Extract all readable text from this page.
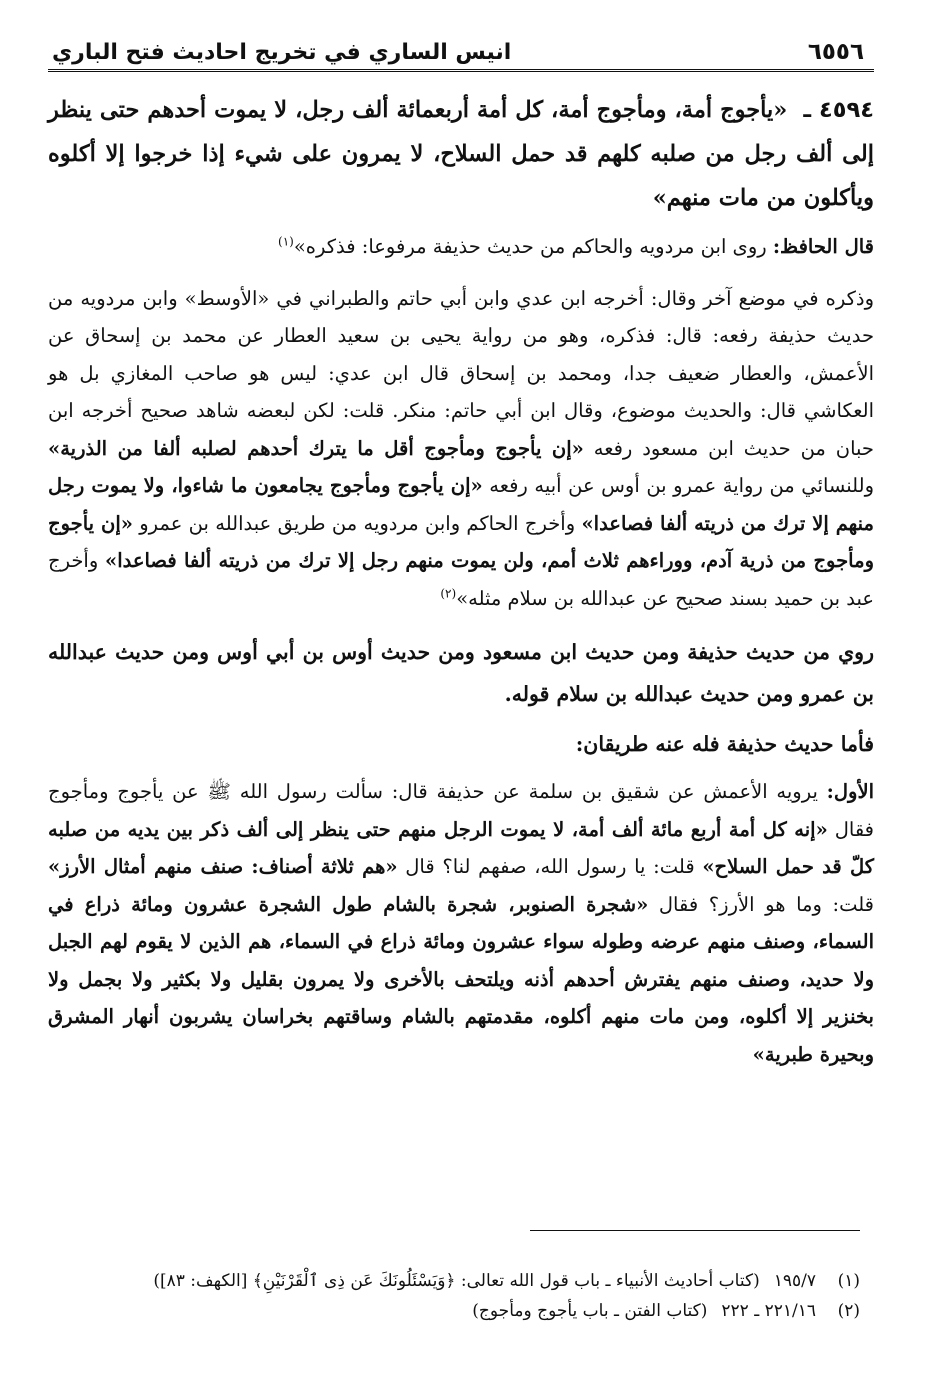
٦٥٥٦
انيس الساري في تخريج احاديث فتح الباري
٤٥٩٤ ـ «يأجوج أمة، ومأجوج أمة، كل أمة أربعمائة ألف رجل، لا يموت أحدهم حتى ينظر إلى ألف رجل من صلبه كلهم قد حمل السلاح، لا يمرون على شيء إذا خرجوا إلا أكلوه ويأكلون من مات منهم»

قال الحافظ: روى ابن مردويه والحاكم من حديث حذيفة مرفوعا: فذكره»$^{(١)}$

وذكره في موضع آخر وقال: أخرجه ابن عدي وابن أبي حاتم والطبراني في «الأوسط» وابن مردويه من حديث حذيفة رفعه: قال: فذكره، وهو من رواية يحيى بن سعيد العطار عن محمد بن إسحاق عن الأعمش، والعطار ضعيف جدا، ومحمد بن إسحاق قال ابن عدي: ليس هو صاحب المغازي بل هو العكاشي قال: والحديث موضوع، وقال ابن أبي حاتم: منكر. قلت: لكن لبعضه شاهد صحيح أخرجه ابن حبان من حديث ابن مسعود رفعه «إن يأجوج ومأجوج أقل ما يترك أحدهم لصلبه ألفا من الذرية» وللنسائي من رواية عمرو بن أوس عن أبيه رفعه «إن يأجوج ومأجوج يجامعون ما شاءوا، ولا يموت رجل منهم إلا ترك من ذريته ألفا فصاعدا» وأخرج الحاكم وابن مردويه من طريق عبدالله بن عمرو «إن يأجوج ومأجوج من ذرية آدم، ووراءهم ثلاث أمم، ولن يموت منهم رجل إلا ترك من ذريته ألفا فصاعدا» وأخرج عبد بن حميد بسند صحيح عن عبدالله بن سلام مثله»$^{(٢)}$

روي من حديث حذيفة ومن حديث ابن مسعود ومن حديث أوس بن أبي أوس ومن حديث عبدالله بن عمرو ومن حديث عبدالله بن سلام قوله.

فأما حديث حذيفة فله عنه طريقان:

الأول: يرويه الأعمش عن شقيق بن سلمة عن حذيفة قال: سألت رسول الله ﷺ عن يأجوج ومأجوج فقال «إنه كل أمة أربع مائة ألف أمة، لا يموت الرجل منهم حتى ينظر إلى ألف ذكر بين يديه من صلبه كلّ قد حمل السلاح» قلت: يا رسول الله، صفهم لنا؟ قال «هم ثلاثة أصناف: صنف منهم أمثال الأرز» قلت: وما هو الأرز؟ فقال «شجرة الصنوبر، شجرة بالشام طول الشجرة عشرون ومائة ذراع في السماء، وصنف منهم عرضه وطوله سواء عشرون ومائة ذراع في السماء، هم الذين لا يقوم لهم الجبل ولا حديد، وصنف منهم يفترش أحدهم أذنه ويلتحف بالأخرى ولا يمرون بقليل ولا بكثير ولا بجمل ولا بخنزير إلا أكلوه، ومن مات منهم أكلوه، مقدمتهم بالشام وساقتهم بخراسان يشربون أنهار المشرق وبحيرة طبرية»

(١)
١٩٥/٧
(كتاب أحاديث الأنبياء ـ باب قول الله تعالى: ﴿وَيَسْئَلُونَكَ عَن ذِى ٱلْقَرْنَيْنِ﴾ [الكهف: ٨٣])
(٢)
٢٢١/١٦ ـ ٢٢٢
(كتاب الفتن ـ باب يأجوج ومأجوج)
